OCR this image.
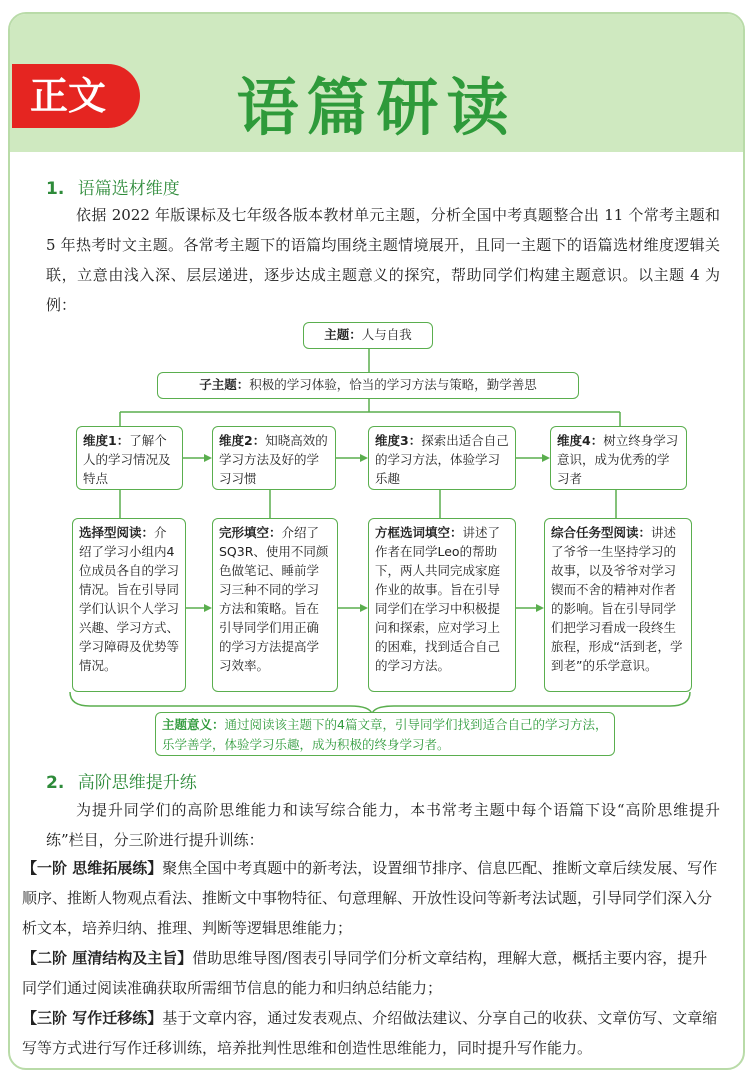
正文	语篇研读
1. 语篇选材维度

依据 2022 年版课标及七年级各版本教材单元主题，分析全国中考真题整合出 11 个常考主题和 5 年热考时文主题。各常考主题下的语篇均围绕主题情境展开，且同一主题下的语篇选材维度逻辑关联，立意由浅入深、层层递进，逐步达成主题意义的探究，帮助同学们构建主题意识。以主题 4 为例：

主题：人与自我
子主题：积极的学习体验，恰当的学习方法与策略，勤学善思
维度1：了解个人的学习情况及特点
维度2：知晓高效的学习方法及好的学习习惯
维度3：探索出适合自己的学习方法，体验学习乐趣
维度4：树立终身学习意识，成为优秀的学习者
选择型阅读：介绍了学习小组内4位成员各自的学习情况。旨在引导同学们认识个人学习兴趣、学习方式、学习障碍及优势等情况。
完形填空：介绍了SQ3R、使用不同颜色做笔记、睡前学习三种不同的学习方法和策略。旨在引导同学们用正确的学习方法提高学习效率。
方框选词填空：讲述了作者在同学Leo的帮助下，两人共同完成家庭作业的故事。旨在引导同学们在学习中积极提问和探索，应对学习上的困难，找到适合自己的学习方法。
综合任务型阅读：讲述了爷爷一生坚持学习的故事，以及爷爷对学习锲而不舍的精神对作者的影响。旨在引导同学们把学习看成一段终生旅程，形成“活到老，学到老”的乐学意识。
主题意义：通过阅读该主题下的4篇文章，引导同学们找到适合自己的学习方法，乐学善学，体验学习乐趣，成为积极的终身学习者。
2. 高阶思维提升练

为提升同学们的高阶思维能力和读写综合能力，本书常考主题中每个语篇下设“高阶思维提升练”栏目，分三阶进行提升训练：

【一阶 思维拓展练】聚焦全国中考真题中的新考法，设置细节排序、信息匹配、推断文章后续发展、写作顺序、推断人物观点看法、推断文中事物特征、句意理解、开放性设问等新考法试题，引导同学们深入分析文本，培养归纳、推理、判断等逻辑思维能力；
【二阶 厘清结构及主旨】借助思维导图/图表引导同学们分析文章结构，理解大意，概括主要内容，提升同学们通过阅读准确获取所需细节信息的能力和归纳总结能力；
【三阶 写作迁移练】基于文章内容，通过发表观点、介绍做法建议、分享自己的收获、文章仿写、文章缩写等方式进行写作迁移训练，培养批判性思维和创造性思维能力，同时提升写作能力。
